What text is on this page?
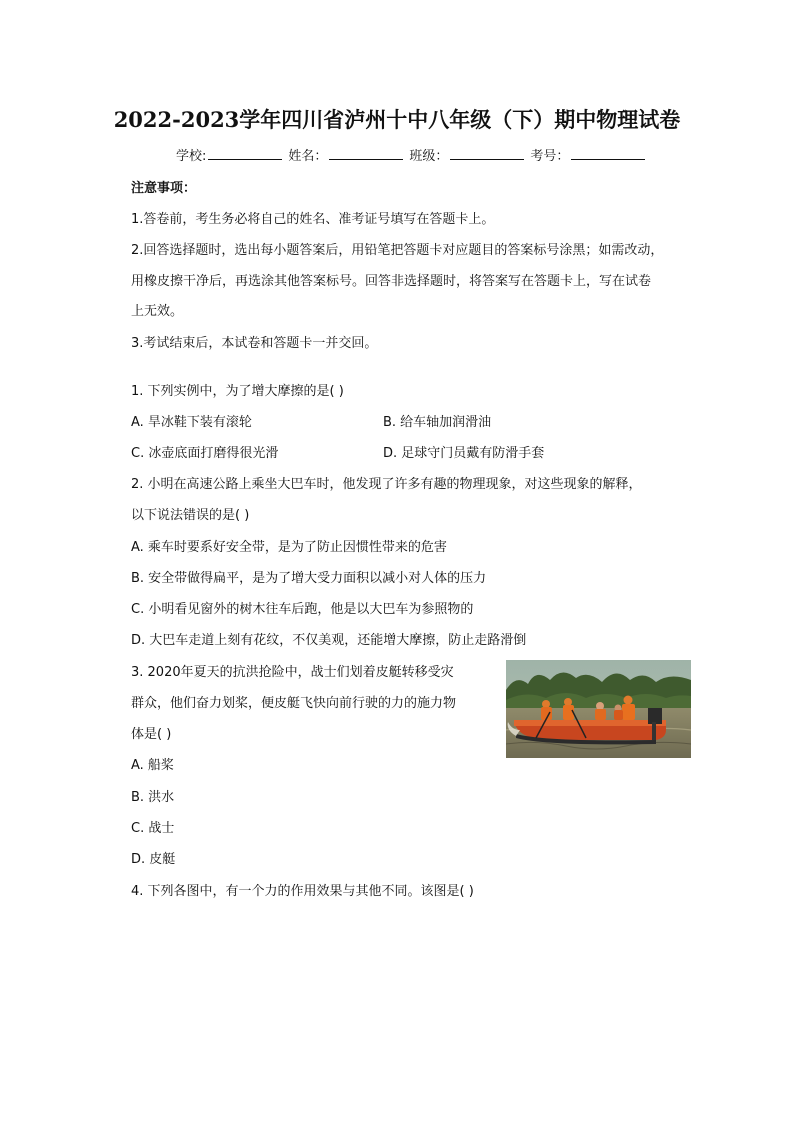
2022-2023学年四川省泸州十中八年级（下）期中物理试卷
学校:	姓名：	班级：	考号：
注意事项：
1.答卷前，考生务必将自己的姓名、准考证号填写在答题卡上。
2.回答选择题时，选出每小题答案后，用铅笔把答题卡对应题目的答案标号涂黑；如需改动，
用橡皮擦干净后，再选涂其他答案标号。回答非选择题时，将答案写在答题卡上，写在试卷
上无效。
3.考试结束后，本试卷和答题卡一并交回。
1. 下列实例中，为了增大摩擦的是( )
A. 旱冰鞋下装有滚轮	B. 给车轴加润滑油
C. 冰壶底面打磨得很光滑	D. 足球守门员戴有防滑手套
2. 小明在高速公路上乘坐大巴车时，他发现了许多有趣的物理现象，对这些现象的解释，
以下说法错误的是( )
A. 乘车时要系好安全带，是为了防止因惯性带来的危害
B. 安全带做得扁平，是为了增大受力面积以减小对人体的压力
C. 小明看见窗外的树木往车后跑，他是以大巴车为参照物的
D. 大巴车走道上刻有花纹，不仅美观，还能增大摩擦，防止走路滑倒
3. 2020年夏天的抗洪抢险中，战士们划着皮艇转移受灾
群众，他们奋力划桨，便皮艇飞快向前行驶的力的施力物
体是( )
A. 船桨
B. 洪水
C. 战士
D. 皮艇
4. 下列各图中，有一个力的作用效果与其他不同。该图是( )
